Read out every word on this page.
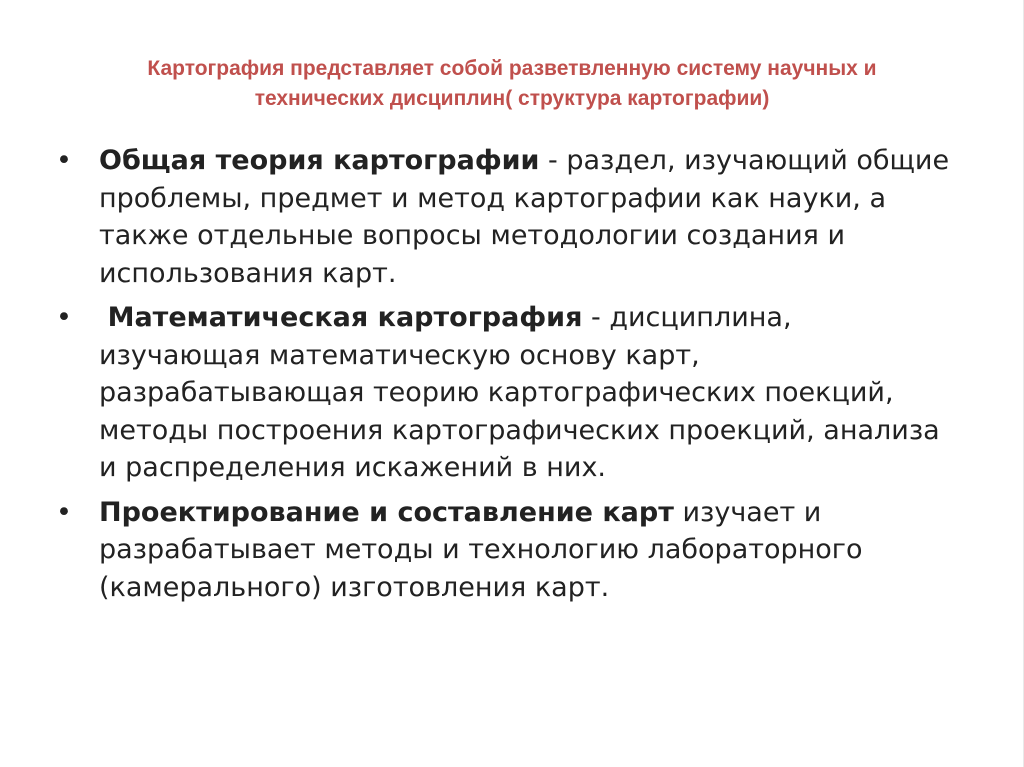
Картография представляет собой разветвленную систему научных и
технических дисциплин( структура картографии)
• Общая теория картографии - раздел, изучающий общие проблемы, предмет и метод картографии как науки, а также отдельные вопросы методологии создания и использования карт.
• Математическая картография - дисциплина, изучающая математическую основу карт, разрабатывающая теорию картографических поекций, методы построения картографических проекций, анализа и распределения искажений в них.
• Проектирование и составление карт изучает и разрабатывает методы и технологию лабораторного (камерального) изготовления карт.
